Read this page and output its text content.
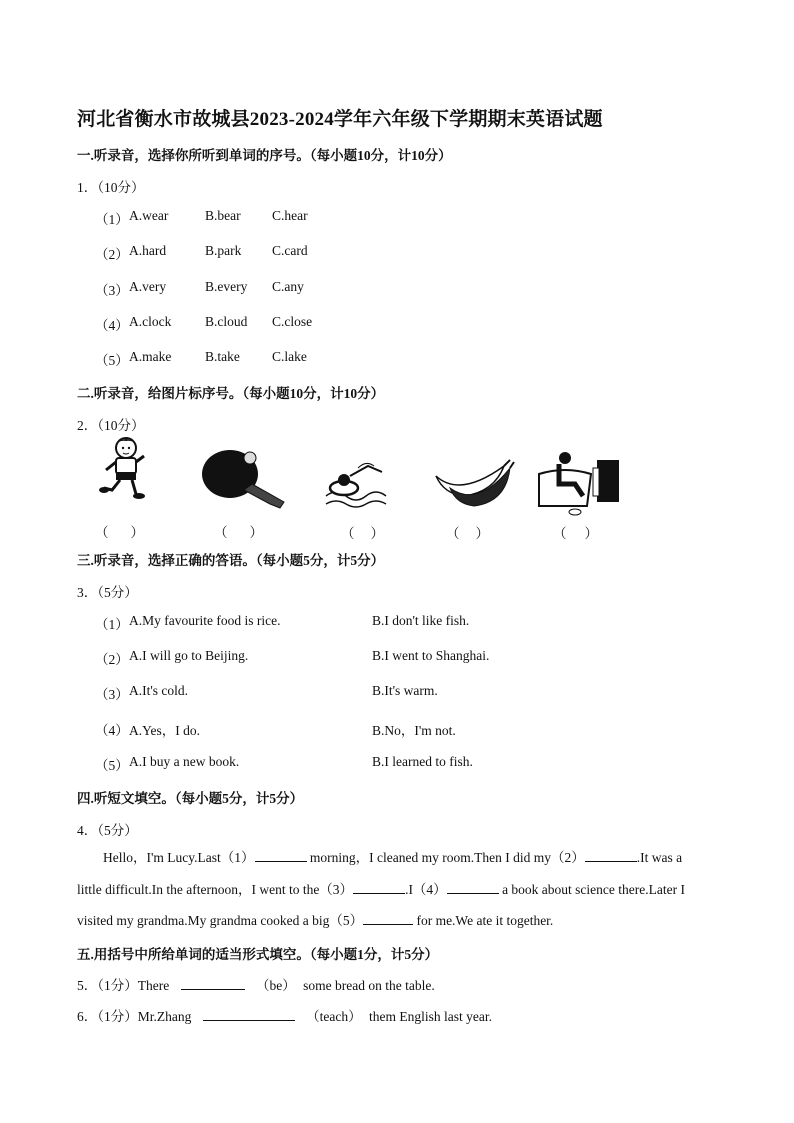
河北省衡水市故城县2023-2024学年六年级下学期期末英语试题
一.听录音，选择你所听到单词的序号。（每小题10分，计10分）
1．（10分）
（1） A.wear	B.bear C.hear
（2） A.hard	B.park C.card
（3） A.very	B.every C.any
（4） A.clock B.cloud C.close
（5） A.make B.take C.lake
二.听录音，给图片标序号。（每小题10分，计10分）
2．（10分）
（ ）	（ ）	（ ）	（ ）	（ ）
三.听录音，选择正确的答语。（每小题5分，计5分）
3．（5分）
（1） A.My favourite food is rice.	B.I don't like fish.
（2） A.I will go to Beijing.	B.I went to Shanghai.
（3） A.It's cold.	B.It's warm.
（4） A.Yes，I do.	B.No，I'm not.
（5） A.I buy a new book.	B.I learned to fish.
四.听短文填空。（每小题5分，计5分）
4．（5分）

Hello，I'm Lucy.Last（1）	morning，I cleaned my room.Then I did my（2）	.It was a

little difficult.In the afternoon，I went to the（3）	.I（4）	a book about science there.Later I

visited my grandma.My grandma cooked a big（5）	for me.We ate it together.

五.用括号中所给单词的适当形式填空。（每小题1分，计5分）
5．（1分）There	（be） some bread on the table.
6．（1分）Mr.Zhang	（teach） them English last year.
